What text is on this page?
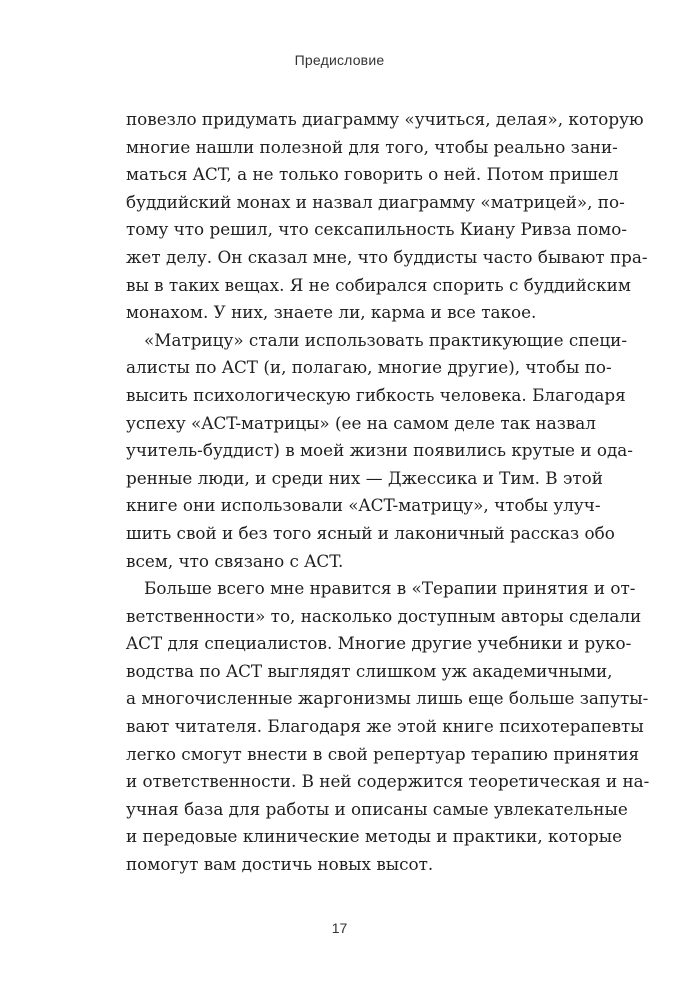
Предисловие
повезло придумать диаграмму «учиться, делая», которую
многие нашли полезной для того, чтобы реально зани-
маться ACT, а не только говорить о ней. Потом пришел
буддийский монах и назвал диаграмму «матрицей», по-
тому что решил, что сексапильность Киану Ривза помо-
жет делу. Он сказал мне, что буддисты часто бывают пра-
вы в таких вещах. Я не собирался спорить с буддийским
монахом. У них, знаете ли, карма и все такое.
«Матрицу» стали использовать практикующие специ-
алисты по ACT (и, полагаю, многие другие), чтобы по-
высить психологическую гибкость человека. Благодаря
успеху «ACT-матрицы» (ее на самом деле так назвал
учитель-буддист) в моей жизни появились крутые и ода-
ренные люди, и среди них — Джессика и Тим. В этой
книге они использовали «ACT-матрицу», чтобы улуч-
шить свой и без того ясный и лаконичный рассказ обо
всем, что связано с ACT.
Больше всего мне нравится в «Терапии принятия и от-
ветственности» то, насколько доступным авторы сделали
ACT для специалистов. Многие другие учебники и руко-
водства по ACT выглядят слишком уж академичными,
а многочисленные жаргонизмы лишь еще больше запуты-
вают читателя. Благодаря же этой книге психотерапевты
легко смогут внести в свой репертуар терапию принятия
и ответственности. В ней содержится теоретическая и на-
учная база для работы и описаны самые увлекательные
и передовые клинические методы и практики, которые
помогут вам достичь новых высот.
17
